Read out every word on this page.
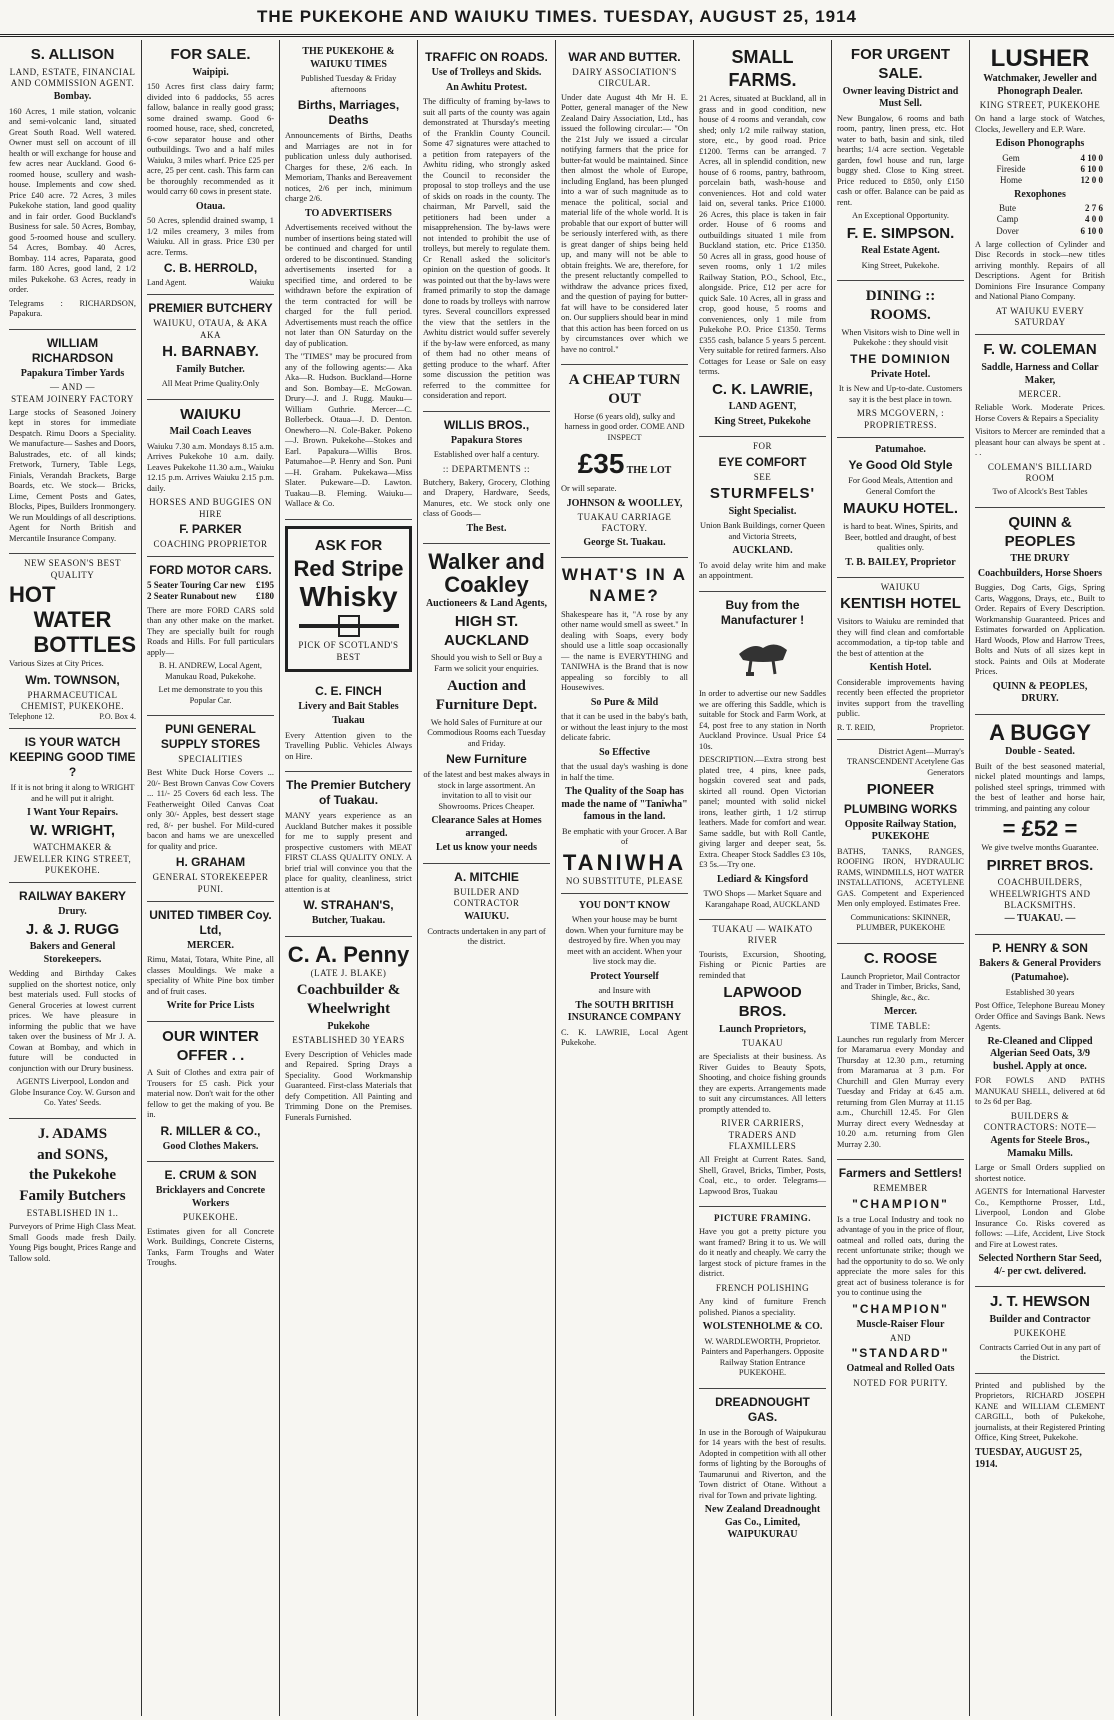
THE PUKEKOHE AND WAIUKU TIMES. TUESDAY, AUGUST 25, 1914
S. ALLISON
LAND, ESTATE, FINANCIAL AND COMMISSION AGENT.
Bombay.
160 Acres, 1 mile station, volcanic and semi-volcanic land, situated Great South Road. Well watered. Owner must sell on account of ill health or will exchange for house and few acres near Auckland. Good 6-roomed house, scullery and wash-house. Implements and cow shed. Price £40 acre. 72 Acres, 3 miles Pukekohe station, land good quality and in fair order. Good Buckland's Business for sale. 50 Acres, Bombay, good 5-roomed house and scullery. 54 Acres, Bombay. 40 Acres, Bombay. 114 acres, Paparata, good farm. 180 Acres, good land, 2 1/2 miles Pukekohe. 63 Acres, ready in order.
Telegrams : RICHARDSON, Papakura.
WILLIAM RICHARDSON
Papakura Timber Yards
— AND —
STEAM JOINERY FACTORY
Large stocks of Seasoned Joinery kept in stores for immediate Despatch. Rimu Doors a Speciality. We manufacture— Sashes and Doors, Balustrades, etc. of all kinds; Fretwork, Turnery, Table Legs, Finials, Verandah Brackets, Barge Boards, etc. We stock— Bricks, Lime, Cement Posts and Gates, Blocks, Pipes, Builders Ironmongery. We run Mouldings of all descriptions. Agent for North British and Mercantile Insurance Company.
NEW SEASON'S BEST QUALITY
HOT
WATER
BOTTLES
Various Sizes at City Prices.
Wm. TOWNSON,
PHARMACEUTICAL CHEMIST, PUKEKOHE.
Telephone 12.	P.O. Box 4.
IS YOUR WATCH KEEPING GOOD TIME ?
If it is not bring it along to WRIGHT and he will put it alright.
I Want Your Repairs.
W. WRIGHT,
WATCHMAKER & JEWELLER KING STREET, PUKEKOHE.
RAILWAY BAKERY
Drury.
J. & J. RUGG
Bakers and General Storekeepers.
Wedding and Birthday Cakes supplied on the shortest notice, only best materials used. Full stocks of General Groceries at lowest current prices. We have pleasure in informing the public that we have taken over the business of Mr J. A. Cowan at Bombay, and which in future will be conducted in conjunction with our Drury business.
AGENTS Liverpool, London and Globe Insurance Coy. W. Gurson and Co. Yates' Seeds.
J. ADAMS
and SONS,
the Pukekohe
Family Butchers
ESTABLISHED IN 1..
Purveyors of Prime High Class Meat. Small Goods made fresh Daily. Young Pigs bought, Prices Range and Tallow sold.
FOR SALE.
Waipipi.
150 Acres first class dairy farm; divided into 6 paddocks, 55 acres fallow, balance in really good grass; some drained swamp. Good 6-roomed house, race, shed, concreted, 6-cow separator house and other outbuildings. Two and a half miles Waiuku, 3 miles wharf. Price £25 per acre, 25 per cent. cash. This farm can be thoroughly recommended as it would carry 60 cows in present state.
Otaua.
50 Acres, splendid drained swamp, 1 1/2 miles creamery, 3 miles from Waiuku. All in grass. Price £30 per acre. Terms.
C. B. HERROLD,
Land Agent.	Waiuku
PREMIER BUTCHERY
WAIUKU, OTAUA, & AKA AKA
H. BARNABY.
Family Butcher.
All Meat Prime Quality.Only
WAIUKU
Mail Coach Leaves
Waiuku 7.30 a.m. Mondays 8.15 a.m. Arrives Pukekohe 10 a.m. daily. Leaves Pukekohe 11.30 a.m., Waiuku 12.15 p.m. Arrives Waiuku 2.15 p.m. daily.
HORSES AND BUGGIES ON HIRE
F. PARKER
COACHING PROPRIETOR
FORD MOTOR CARS.
5 Seater Touring Car new £195
2 Seater Runabout new £180
There are more FORD CARS sold than any other make on the market. They are specially built for rough Roads and Hills. For full particulars apply—
B. H. ANDREW, Local Agent, Manukau Road, Pukekohe.
Let me demonstrate to you this Popular Car.
PUNI GENERAL SUPPLY STORES
SPECIALITIES
Best White Duck Horse Covers ... 20/- Best Brown Canvas Cow Covers ... 11/- 25 Covers 6d each less. The Featherweight Oiled Canvas Coat only 30/- Apples, best dessert stage red, 8/- per bushel. For Mild-cured bacon and hams we are unexcelled for quality and price.
H. GRAHAM
GENERAL STOREKEEPER PUNI.
UNITED TIMBER Coy. Ltd,
MERCER.
Rimu, Matai, Totara, White Pine, all classes Mouldings. We make a speciality of White Pine box timber and of fruit cases.
Write for Price Lists
OUR WINTER OFFER . .
A Suit of Clothes and extra pair of Trousers for £5 cash. Pick your material now. Don't wait for the other fellow to get the making of you. Be in.
R. MILLER & CO.,
Good Clothes Makers.
E. CRUM & SON
Bricklayers and Concrete Workers
PUKEKOHE.
Estimates given for all Concrete Work. Buildings, Concrete Cisterns, Tanks, Farm Troughs and Water Troughs.
THE PUKEKOHE & WAIUKU TIMES
Published Tuesday & Friday afternoons
Births, Marriages, Deaths
Announcements of Births, Deaths and Marriages are not in for publication unless duly authorised. Charges for these, 2/6 each. In Memoriam, Thanks and Bereavement notices, 2/6 per inch, minimum charge 2/6.
TO ADVERTISERS
Advertisements received without the number of insertions being stated will be continued and charged for until ordered to be discontinued. Standing advertisements inserted for a specified time, and ordered to be withdrawn before the expiration of the term contracted for will be charged for the full period. Advertisements must reach the office not later than ON Saturday on the day of publication.
The "TIMES" may be procured from any of the following agents:— Aka Aka—R. Hudson. Buckland—Horne and Son. Bombay—E. McGowan. Drury—J. and J. Rugg. Mauku—William Guthrie. Mercer—C. Bollerbeck. Otaua—J. D. Denton. Onewhero—N. Cole-Baker. Pokeno—J. Brown. Pukekohe—Stokes and Earl. Papakura—Willis Bros. Patumahoe—P. Henry and Son. Puni—H. Graham. Pukekawa—Miss Slater. Pukeware—D. Lawton. Tuakau—B. Fleming. Waiuku—Wallace & Co.
ASK FOR
Red Stripe
Whisky
PICK OF SCOTLAND'S BEST
C. E. FINCH
Livery and Bait Stables
Tuakau
Every Attention given to the Travelling Public. Vehicles Always on Hire.
The Premier Butchery of Tuakau.
MANY years experience as an Auckland Butcher makes it possible for me to supply present and prospective customers with MEAT FIRST CLASS QUALITY ONLY. A brief trial will convince you that the place for quality, cleanliness, strict attention is at
W. STRAHAN'S,
Butcher, Tuakau.
C. A. Penny
(LATE J. BLAKE)
Coachbuilder & Wheelwright
Pukekohe
ESTABLISHED 30 YEARS
Every Description of Vehicles made and Repaired. Spring Drays a Speciality. Good Workmanship Guaranteed. First-class Materials that defy Competition. All Painting and Trimming Done on the Premises. Funerals Furnished.
TRAFFIC ON ROADS.
Use of Trolleys and Skids.
An Awhitu Protest.
The difficulty of framing by-laws to suit all parts of the county was again demonstrated at Thursday's meeting of the Franklin County Council. Some 47 signatures were attached to a petition from ratepayers of the Awhitu riding, who strongly asked the Council to reconsider the proposal to stop trolleys and the use of skids on roads in the county. The chairman, Mr Parvell, said the petitioners had been under a misapprehension. The by-laws were not intended to prohibit the use of trolleys, but merely to regulate them. Cr Renall asked the solicitor's opinion on the question of goods. It was pointed out that the by-laws were framed primarily to stop the damage done to roads by trolleys with narrow tyres. Several councillors expressed the view that the settlers in the Awhitu district would suffer severely if the by-law were enforced, as many of them had no other means of getting produce to the wharf. After some discussion the petition was referred to the committee for consideration and report.
WILLIS BROS.,
Papakura Stores
Established over half a century.
:: DEPARTMENTS ::
Butchery, Bakery, Grocery, Clothing and Drapery, Hardware, Seeds, Manures, etc. We stock only one class of Goods—
The Best.
Walker and Coakley
Auctioneers & Land Agents,
HIGH ST. AUCKLAND
Should you wish to Sell or Buy a Farm we solicit your enquiries.
Auction and Furniture Dept.
We hold Sales of Furniture at our Commodious Rooms each Tuesday and Friday.
New Furniture
of the latest and best makes always in stock in large assortment. An invitation to all to visit our Showrooms. Prices Cheaper.
Clearance Sales at Homes arranged.
Let us know your needs
A. MITCHIE
BUILDER AND CONTRACTOR
WAIUKU.
Contracts undertaken in any part of the district.
WAR AND BUTTER.
DAIRY ASSOCIATION'S CIRCULAR.
Under date August 4th Mr H. E. Potter, general manager of the New Zealand Dairy Association, Ltd., has issued the following circular:— "On the 21st July we issued a circular notifying farmers that the price for butter-fat would be maintained. Since then almost the whole of Europe, including England, has been plunged into a war of such magnitude as to menace the political, social and material life of the whole world. It is probable that our export of butter will be seriously interfered with, as there is great danger of ships being held up, and many will not be able to obtain freights. We are, therefore, for the present reluctantly compelled to withdraw the advance prices fixed, and the question of paying for butter-fat will have to be considered later on. Our suppliers should bear in mind that this action has been forced on us by circumstances over which we have no control."
A CHEAP TURN OUT
Horse (6 years old), sulky and harness in good order. COME AND INSPECT
£35 THE LOT
Or will separate.
JOHNSON & WOOLLEY,
TUAKAU CARRIAGE FACTORY.
George St. Tuakau.
WHAT'S IN A NAME?
Shakespeare has it, "A rose by any other name would smell as sweet." In dealing with Soaps, every body should use a little soap occasionally — the name is EVERYTHING and TANIWHA is the Brand that is now appealing so forcibly to all Housewives.
So Pure & Mild
that it can be used in the baby's bath, or without the least injury to the most delicate fabric.
So Effective
that the usual day's washing is done in half the time.
The Quality of the Soap has made the name of "Taniwha" famous in the land.
Be emphatic with your Grocer. A Bar of
TANIWHA
NO SUBSTITUTE, PLEASE
YOU DON'T KNOW
When your house may be burnt down. When your furniture may be destroyed by fire. When you may meet with an accident. When your live stock may die.
Protect Yourself
and Insure with
The SOUTH BRITISH INSURANCE COMPANY
C. K. LAWRIE, Local Agent Pukekohe.
SMALL FARMS.
21 Acres, situated at Buckland, all in grass and in good condition, new house of 4 rooms and verandah, cow shed; only 1/2 mile railway station, store, etc., by good road. Price £1200. Terms can be arranged. 7 Acres, all in splendid condition, new house of 6 rooms, pantry, bathroom, porcelain bath, wash-house and conveniences. Hot and cold water laid on, several tanks. Price £1000. 26 Acres, this place is taken in fair order. House of 6 rooms and outbuildings situated 1 mile from Buckland station, etc. Price £1350. 50 Acres all in grass, good house of seven rooms, only 1 1/2 miles Railway Station, P.O., School, Etc., alongside. Price, £12 per acre for quick Sale. 10 Acres, all in grass and crop, good house, 5 rooms and conveniences, only 1 mile from Pukekohe P.O. Price £1350. Terms £355 cash, balance 5 years 5 percent. Very suitable for retired farmers. Also Cottages for Lease or Sale on easy terms.
C. K. LAWRIE,
LAND AGENT,
King Street, Pukekohe
FOR
EYE COMFORT
SEE
STURMFELS'
Sight Specialist.
Union Bank Buildings, corner Queen and Victoria Streets,
AUCKLAND.
To avoid delay write him and make an appointment.
Buy from the Manufacturer !
In order to advertise our new Saddles we are offering this Saddle, which is suitable for Stock and Farm Work, at £4, post free to any station in North Auckland Province. Usual Price £4 10s.
DESCRIPTION.—Extra strong best plated tree, 4 pins, knee pads, hogskin covered seat and pads, skirted all round. Open Victorian panel; mounted with solid nickel irons, leather girth, 1 1/2 stirrup leathers. Made for comfort and wear. Same saddle, but with Roll Cantle, giving larger and deeper seat, 5s. Extra. Cheaper Stock Saddles £3 10s, £3 5s.—Try one.
Lediard & Kingsford
TWO Shops — Market Square and Karangahape Road, AUCKLAND
TUAKAU — WAIKATO RIVER
Tourists, Excursion, Shooting, Fishing or Picnic Parties are reminded that
LAPWOOD BROS.
Launch Proprietors,
TUAKAU
are Specialists at their business. As River Guides to Beauty Spots, Shooting, and choice fishing grounds they are experts. Arrangements made to suit any circumstances. All letters promptly attended to.
RIVER CARRIERS, TRADERS AND FLAXMILLERS
All Freight at Current Rates. Sand, Shell, Gravel, Bricks, Timber, Posts, Coal, etc., to order. Telegrams—Lapwood Bros, Tuakau
PICTURE FRAMING.
Have you got a pretty picture you want framed? Bring it to us. We will do it neatly and cheaply. We carry the largest stock of picture frames in the district.
FRENCH POLISHING
Any kind of furniture French polished. Pianos a speciality.
WOLSTENHOLME & CO.
W. WARDLEWORTH, Proprietor. Painters and Paperhangers. Opposite Railway Station Entrance PUKEKOHE.
DREADNOUGHT GAS.
In use in the Borough of Waipukurau for 14 years with the best of results. Adopted in competition with all other forms of lighting by the Boroughs of Taumarunui and Riverton, and the Town district of Otane. Without a rival for Town and private lighting.
New Zealand Dreadnought Gas Co., Limited, WAIPUKURAU
FOR URGENT SALE.
Owner leaving District and Must Sell.
New Bungalow, 6 rooms and bath room, pantry, linen press, etc. Hot water to bath, basin and sink, tiled hearths; 1/4 acre section. Vegetable garden, fowl house and run, large buggy shed. Close to King street. Price reduced to £850, only £150 cash or offer. Balance can be paid as rent.
An Exceptional Opportunity.
F. E. SIMPSON.
Real Estate Agent.
King Street, Pukekohe.
DINING :: ROOMS.
When Visitors wish to Dine well in Pukekohe : they should visit
THE DOMINION
Private Hotel.
It is New and Up-to-date. Customers say it is the best place in town.
MRS MCGOVERN, : PROPRIETRESS.
Patumahoe.
Ye Good Old Style
For Good Meals, Attention and General Comfort the
MAUKU HOTEL.
is hard to beat. Wines, Spirits, and Beer, bottled and draught, of best qualities only.
T. B. BAILEY, Proprietor
WAIUKU
KENTISH HOTEL
Visitors to Waiuku are reminded that they will find clean and comfortable accommodation, a tip-top table and the best of attention at the
Kentish Hotel.
Considerable improvements having recently been effected the proprietor invites support from the travelling public.
R. T. REID,	Proprietor.
District Agent—Murray's TRANSCENDENT Acetylene Gas Generators
PIONEER
PLUMBING WORKS
Opposite Railway Station, PUKEKOHE
BATHS, TANKS, RANGES, ROOFING IRON, HYDRAULIC RAMS, WINDMILLS, HOT WATER INSTALLATIONS, ACETYLENE GAS. Competent and Experienced Men only employed. Estimates Free.
Communications: SKINNER, PLUMBER, PUKEKOHE
C. ROOSE
Launch Proprietor, Mail Contractor and Trader in Timber, Bricks, Sand, Shingle, &c., &c.
Mercer.
TIME TABLE:
Launches run regularly from Mercer for Maramarua every Monday and Thursday at 12.30 p.m., returning from Maramarua at 3 p.m. For Churchill and Glen Murray every Tuesday and Friday at 6.45 a.m. returning from Glen Murray at 11.15 a.m., Churchill 12.45. For Glen Murray direct every Wednesday at 10.20 a.m. returning from Glen Murray 2.30.
Farmers and Settlers!
REMEMBER
"CHAMPION"
Is a true Local Industry and took no advantage of you in the price of flour, oatmeal and rolled oats, during the recent unfortunate strike; though we had the opportunity to do so. We only appreciate the more sales for this great act of business tolerance is for you to continue using the
"CHAMPION"
Muscle-Raiser Flour
AND
"STANDARD"
Oatmeal and Rolled Oats
NOTED FOR PURITY.
LUSHER
Watchmaker, Jeweller and Phonograph Dealer.
KING STREET, PUKEKOHE
On hand a large stock of Watches, Clocks, Jewellery and E.P. Ware.
Edison Phonographs
Gem	4 10 0
Fireside	6 10 0
Home	12 0 0
Rexophones
Bute	2 7 6
Camp	4 0 0
Dover	6 10 0
A large collection of Cylinder and Disc Records in stock—new titles arriving monthly. Repairs of all Descriptions. Agent for British Dominions Fire Insurance Company and National Piano Company.
AT WAIUKU EVERY SATURDAY
F. W. COLEMAN
Saddle, Harness and Collar Maker,
MERCER.
Reliable Work. Moderate Prices. Horse Covers & Repairs a Speciality
Visitors to Mercer are reminded that a pleasant hour can always be spent at . . .
COLEMAN'S BILLIARD ROOM
Two of Alcock's Best Tables
QUINN & PEOPLES
THE DRURY
Coachbuilders, Horse Shoers
Buggies, Dog Carts, Gigs, Spring Carts, Waggons, Drays, etc., Built to Order. Repairs of Every Description. Workmanship Guaranteed. Prices and Estimates forwarded on Application. Hard Woods, Plow and Harrow Trees, Bolts and Nuts of all sizes kept in stock. Paints and Oils at Moderate Prices.
QUINN & PEOPLES, DRURY.
A BUGGY
Double - Seated.
Built of the best seasoned material, nickel plated mountings and lamps, polished steel springs, trimmed with the best of leather and horse hair, trimming, and painting any colour
= £52 =
We give twelve months Guarantee.
PIRRET BROS.
COACHBUILDERS, WHEELWRIGHTS AND BLACKSMITHS.
— TUAKAU. —
P. HENRY & SON
Bakers & General Providers
(Patumahoe).
Established 30 years
Post Office, Telephone Bureau Money Order Office and Savings Bank. News Agents.
Re-Cleaned and Clipped Algerian Seed Oats, 3/9 bushel. Apply at once.
FOR FOWLS AND PATHS MANUKAU SHELL, delivered at 6d to 2s 6d per Bag.
BUILDERS & CONTRACTORS: NOTE—
Agents for Steele Bros., Mamaku Mills.
Large or Small Orders supplied on shortest notice.
AGENTS for International Harvester Co., Kempthorne Prosser, Ltd., Liverpool, London and Globe Insurance Co. Risks covered as follows: —Life, Accident, Live Stock and Fire at Lowest rates.
Selected Northern Star Seed, 4/- per cwt. delivered.
J. T. HEWSON
Builder and Contractor
PUKEKOHE
Contracts Carried Out in any part of the District.
Printed and published by the Proprietors, RICHARD JOSEPH KANE and WILLIAM CLEMENT CARGILL, both of Pukekohe, journalists, at their Registered Printing Office, King Street, Pukekohe.
TUESDAY, AUGUST 25, 1914.
